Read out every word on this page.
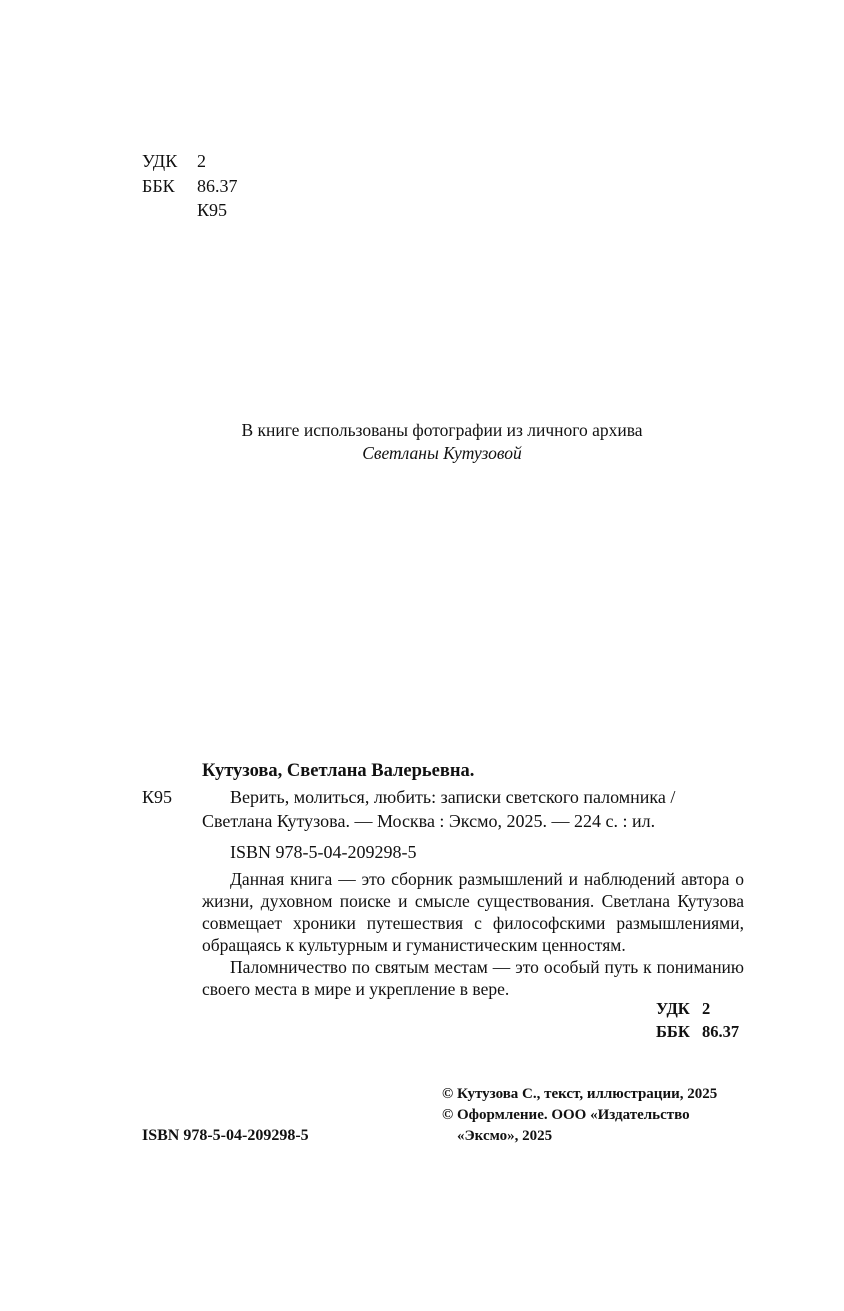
УДК 2
ББК 86.37
К95
В книге использованы фотографии из личного архива
Светланы Кутузовой
Кутузова, Светлана Валерьевна.
К95	Верить, молиться, любить: записки светского паломника /
Светлана Кутузова. — Москва : Эксмо, 2025. — 224 с. : ил.
ISBN 978-5-04-209298-5

Данная книга — это сборник размышлений и наблюдений автора о жизни, духовном поиске и смысле существования. Светлана Кутузова совмещает хроники путешествия с философскими размышлениями, обращаясь к культурным и гуманистическим ценностям.

Паломничество по святым местам — это особый путь к пониманию своего места в мире и укрепление в вере.

УДК 2
ББК 86.37
© Кутузова С., текст, иллюстрации, 2025
© Оформление. ООО «Издательство
«Эксмо», 2025
ISBN 978-5-04-209298-5
